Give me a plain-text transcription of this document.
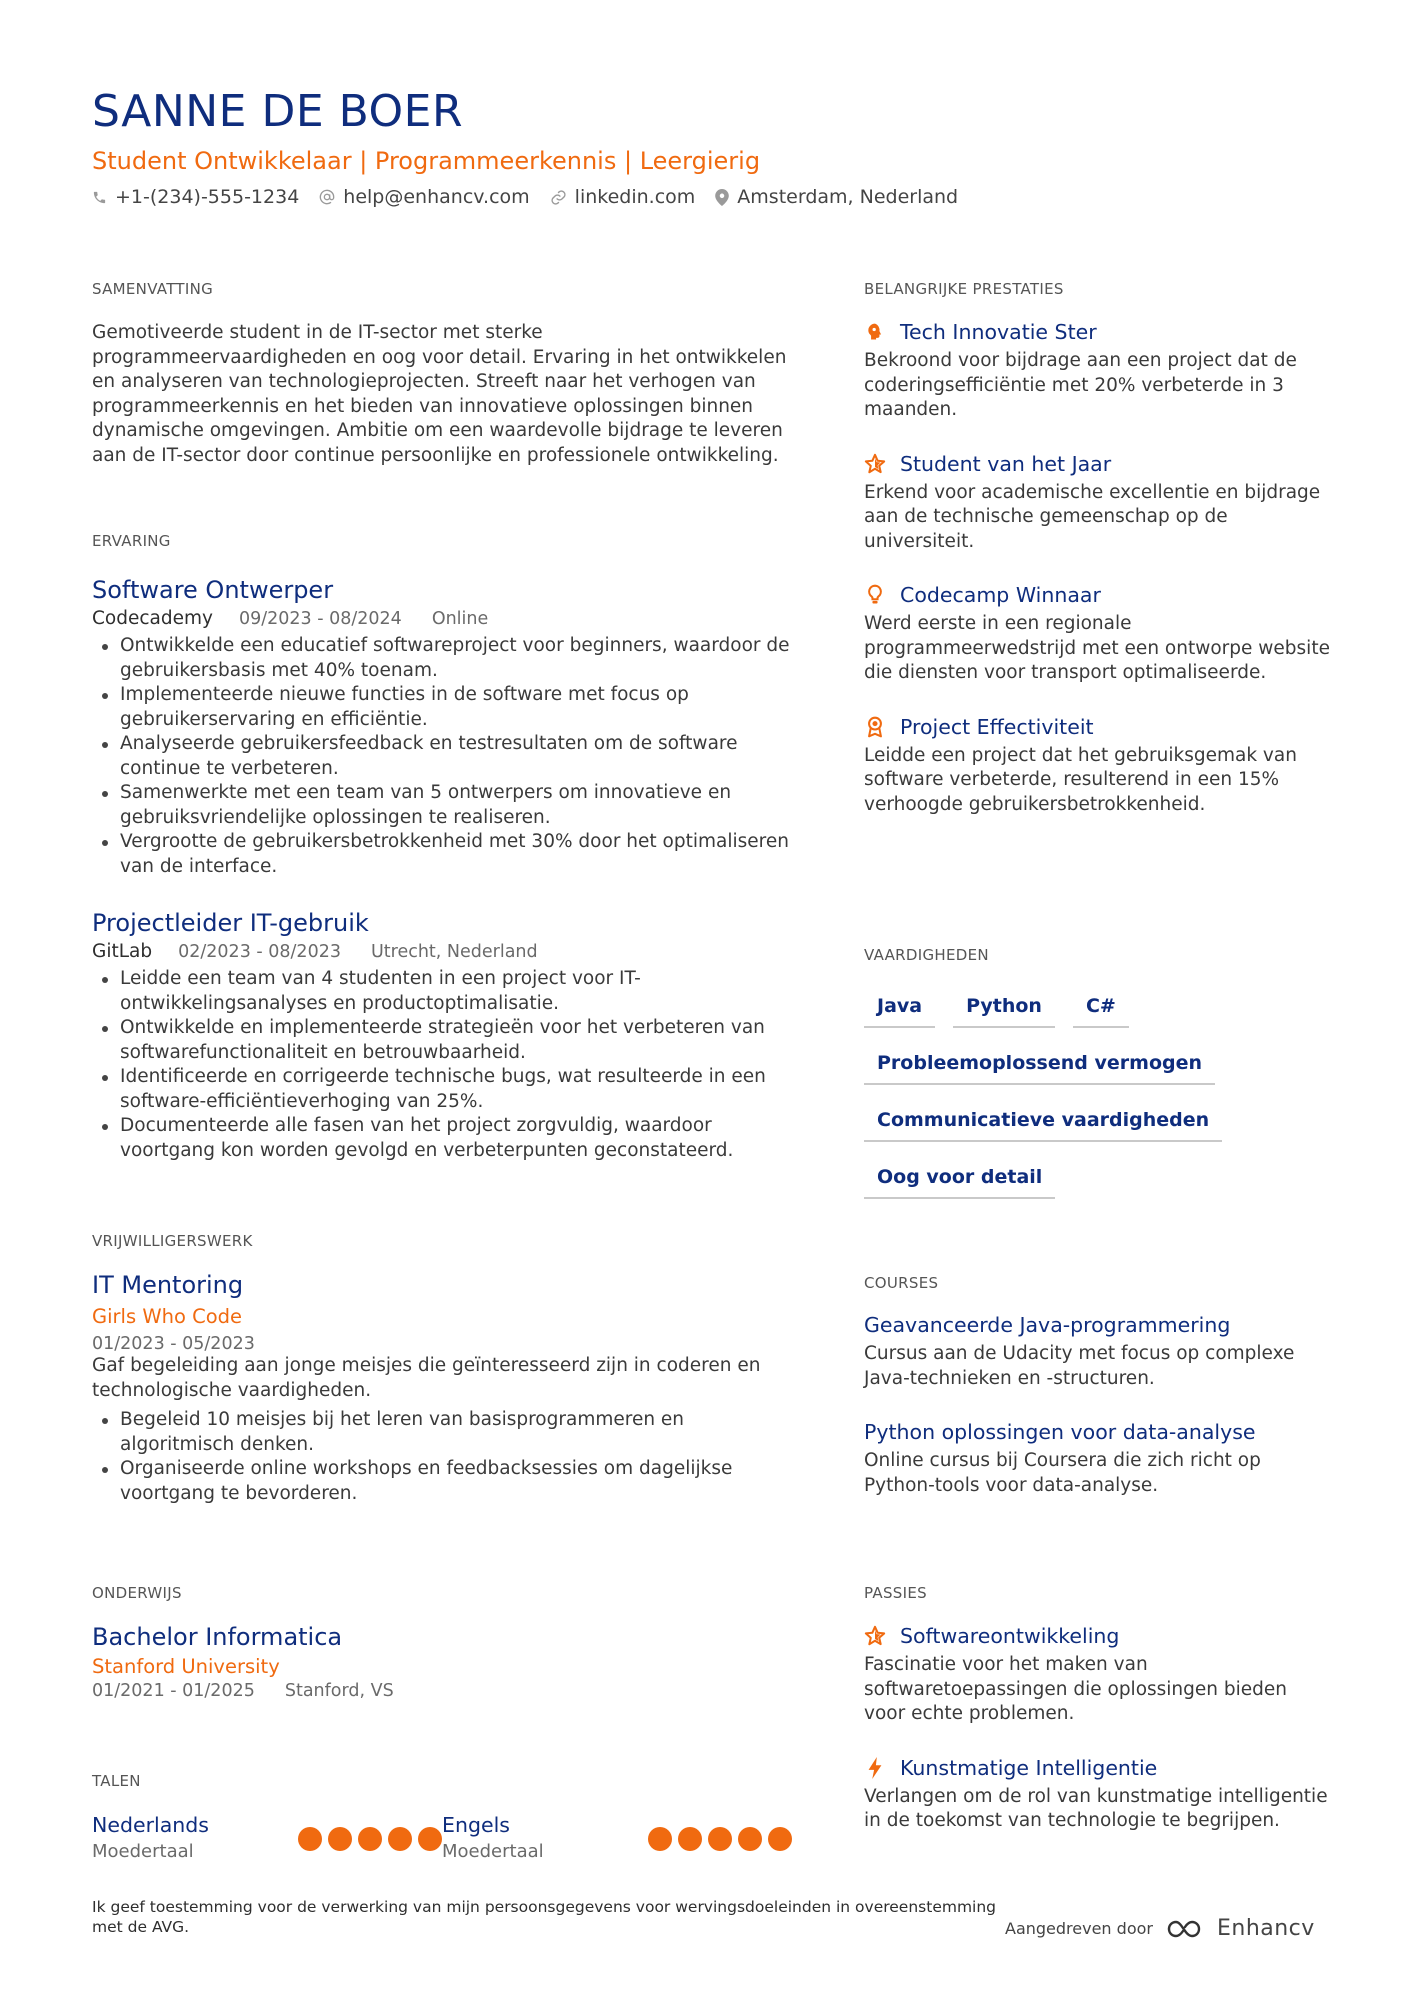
SANNE DE BOER
Student Ontwikkelaar | Programmeerkennis | Leergierig
+1-(234)-555-1234 help@enhancv.com linkedin.com Amsterdam, Nederland
SAMENVATTING
Gemotiveerde student in de IT-sector met sterke programmeervaardigheden en oog voor detail. Ervaring in het ontwikkelen en analyseren van technologieprojecten. Streeft naar het verhogen van programmeerkennis en het bieden van innovatieve oplossingen binnen dynamische omgevingen. Ambitie om een waardevolle bijdrage te leveren aan de IT-sector door continue persoonlijke en professionele ontwikkeling.
ERVARING
Software Ontwerper
Codecademy 09/2023 - 08/2024 Online
Ontwikkelde een educatief softwareproject voor beginners, waardoor de gebruikersbasis met 40% toenam.
Implementeerde nieuwe functies in de software met focus op gebruikerservaring en efficiëntie.
Analyseerde gebruikersfeedback en testresultaten om de software continue te verbeteren.
Samenwerkte met een team van 5 ontwerpers om innovatieve en gebruiksvriendelijke oplossingen te realiseren.
Vergrootte de gebruikersbetrokkenheid met 30% door het optimaliseren van de interface.
Projectleider IT-gebruik
GitLab 02/2023 - 08/2023 Utrecht, Nederland
Leidde een team van 4 studenten in een project voor IT-ontwikkelingsanalyses en productoptimalisatie.
Ontwikkelde en implementeerde strategieën voor het verbeteren van softwarefunctionaliteit en betrouwbaarheid.
Identificeerde en corrigeerde technische bugs, wat resulteerde in een software-efficiëntieverhoging van 25%.
Documenteerde alle fasen van het project zorgvuldig, waardoor voortgang kon worden gevolgd en verbeterpunten geconstateerd.
VRIJWILLIGERSWERK
IT Mentoring
Girls Who Code
01/2023 - 05/2023
Gaf begeleiding aan jonge meisjes die geïnteresseerd zijn in coderen en technologische vaardigheden.
Begeleid 10 meisjes bij het leren van basisprogrammeren en algoritmisch denken.
Organiseerde online workshops en feedbacksessies om dagelijkse voortgang te bevorderen.
ONDERWIJS
Bachelor Informatica
Stanford University
01/2021 - 01/2025 Stanford, VS
TALEN
Nederlands
Moedertaal
Engels
Moedertaal
BELANGRIJKE PRESTATIES
Tech Innovatie Ster
Bekroond voor bijdrage aan een project dat de coderingsefficiëntie met 20% verbeterde in 3 maanden.
Student van het Jaar
Erkend voor academische excellentie en bijdrage aan de technische gemeenschap op de universiteit.
Codecamp Winnaar
Werd eerste in een regionale programmeerwedstrijd met een ontworpe website die diensten voor transport optimaliseerde.
Project Effectiviteit
Leidde een project dat het gebruiksgemak van software verbeterde, resulterend in een 15% verhoogde gebruikersbetrokkenheid.
VAARDIGHEDEN
Java	Python	C#
Probleemoplossend vermogen
Communicatieve vaardigheden
Oog voor detail
COURSES
Geavanceerde Java-programmering
Cursus aan de Udacity met focus op complexe Java-technieken en -structuren.
Python oplossingen voor data-analyse
Online cursus bij Coursera die zich richt op Python-tools voor data-analyse.
PASSIES
Softwareontwikkeling
Fascinatie voor het maken van softwaretoepassingen die oplossingen bieden voor echte problemen.
Kunstmatige Intelligentie
Verlangen om de rol van kunstmatige intelligentie in de toekomst van technologie te begrijpen.
Ik geef toestemming voor de verwerking van mijn persoonsgegevens voor wervingsdoeleinden in overeenstemming met de AVG.	Aangedreven door	Enhancv
